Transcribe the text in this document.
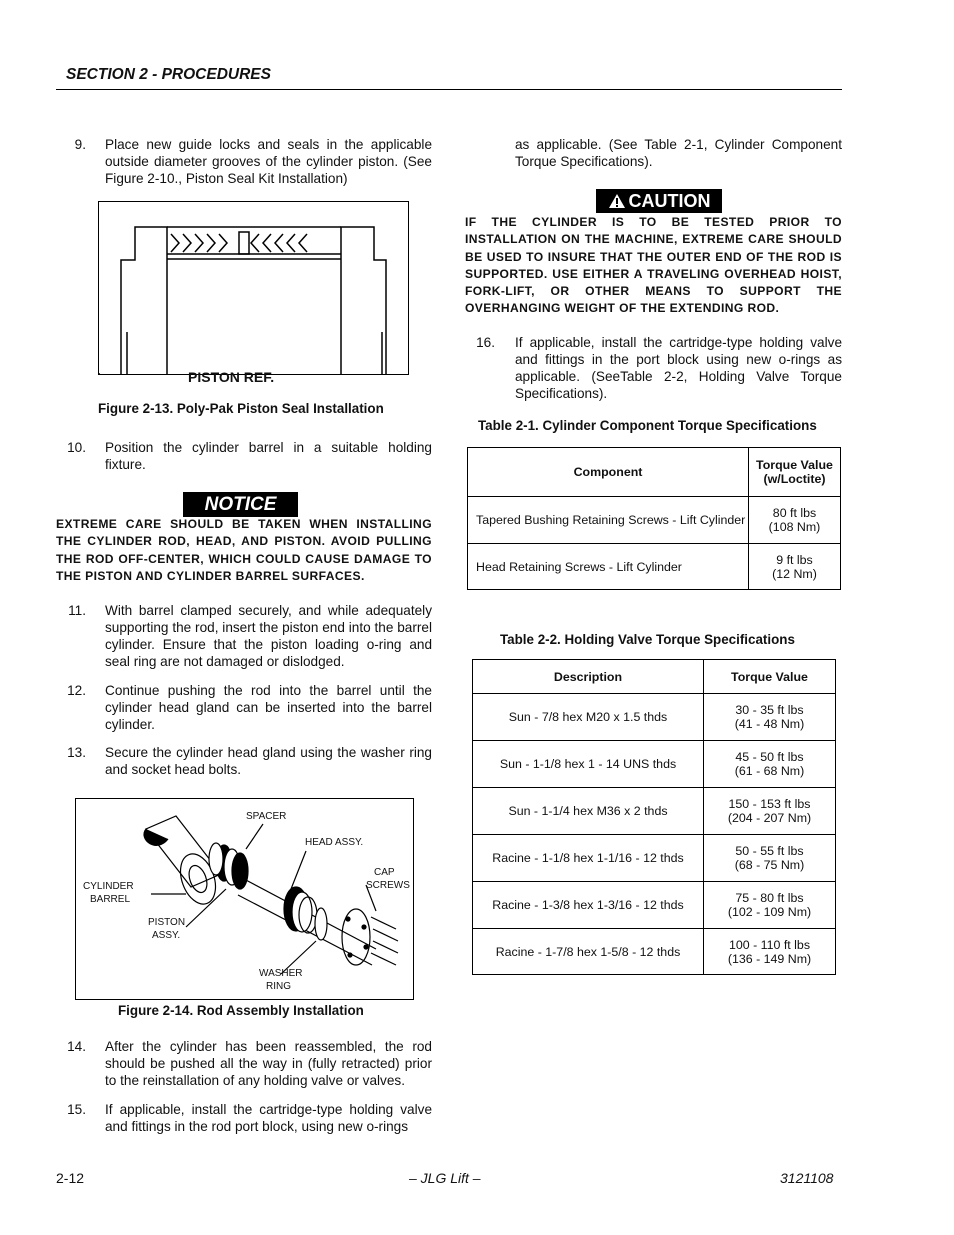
SECTION 2 - PROCEDURES
9. Place new guide locks and seals in the applicable outside diameter grooves of the cylinder piston. (See Figure 2-10., Piston Seal Kit Installation)
PISTON REF.
Figure 2-13. Poly-Pak Piston Seal Installation
10. Position the cylinder barrel in a suitable holding fixture.
NOTICE
EXTREME CARE SHOULD BE TAKEN WHEN INSTALLING THE CYLINDER ROD, HEAD, AND PISTON. AVOID PULLING THE ROD OFF-CENTER, WHICH COULD CAUSE DAMAGE TO THE PISTON AND CYLINDER BARREL SURFACES.
11. With barrel clamped securely, and while adequately supporting the rod, insert the piston end into the barrel cylinder. Ensure that the piston loading o-ring and seal ring are not damaged or dislodged.
12. Continue pushing the rod into the barrel until the cylinder head gland can be inserted into the barrel cylinder.
13. Secure the cylinder head gland using the washer ring and socket head bolts.
SPACER
HEAD ASSY.
CAP
SCREWS
CYLINDER
BARREL
PISTON
ASSY.
WASHER
RING
Figure 2-14. Rod Assembly Installation
14. After the cylinder has been reassembled, the rod should be pushed all the way in (fully retracted) prior to the reinstallation of any holding valve or valves.
15. If applicable, install the cartridge-type holding valve and fittings in the rod port block, using new o-rings
as applicable. (See Table 2-1, Cylinder Component Torque Specifications).
CAUTION
IF THE CYLINDER IS TO BE TESTED PRIOR TO INSTALLATION ON THE MACHINE, EXTREME CARE SHOULD BE USED TO INSURE THAT THE OUTER END OF THE ROD IS SUPPORTED. USE EITHER A TRAVELING OVERHEAD HOIST, FORK-LIFT, OR OTHER MEANS TO SUPPORT THE OVERHANGING WEIGHT OF THE EXTENDING ROD.
16. If applicable, install the cartridge-type holding valve and fittings in the port block using new o-rings as applicable. (SeeTable 2-2, Holding Valve Torque Specifications).
Table 2-1. Cylinder Component Torque Specifications
Component	Torque Value
(w/Loctite)
Tapered Bushing Retaining Screws - Lift Cylinder	80 ft lbs
(108 Nm)
Head Retaining Screws - Lift Cylinder	9 ft lbs
(12 Nm)
Table 2-2. Holding Valve Torque Specifications
Description	Torque Value
Sun - 7/8 hex M20 x 1.5 thds	30 - 35 ft lbs
(41 - 48 Nm)
Sun - 1-1/8 hex 1 - 14 UNS thds	45 - 50 ft lbs
(61 - 68 Nm)
Sun - 1-1/4 hex M36 x 2 thds	150 - 153 ft lbs
(204 - 207 Nm)
Racine - 1-1/8 hex 1-1/16 - 12 thds	50 - 55 ft lbs
(68 - 75 Nm)
Racine - 1-3/8 hex 1-3/16 - 12 thds	75 - 80 ft lbs
(102 - 109 Nm)
Racine - 1-7/8 hex 1-5/8 - 12 thds	100 - 110 ft lbs
(136 - 149 Nm)
2-12	– JLG Lift –	3121108
